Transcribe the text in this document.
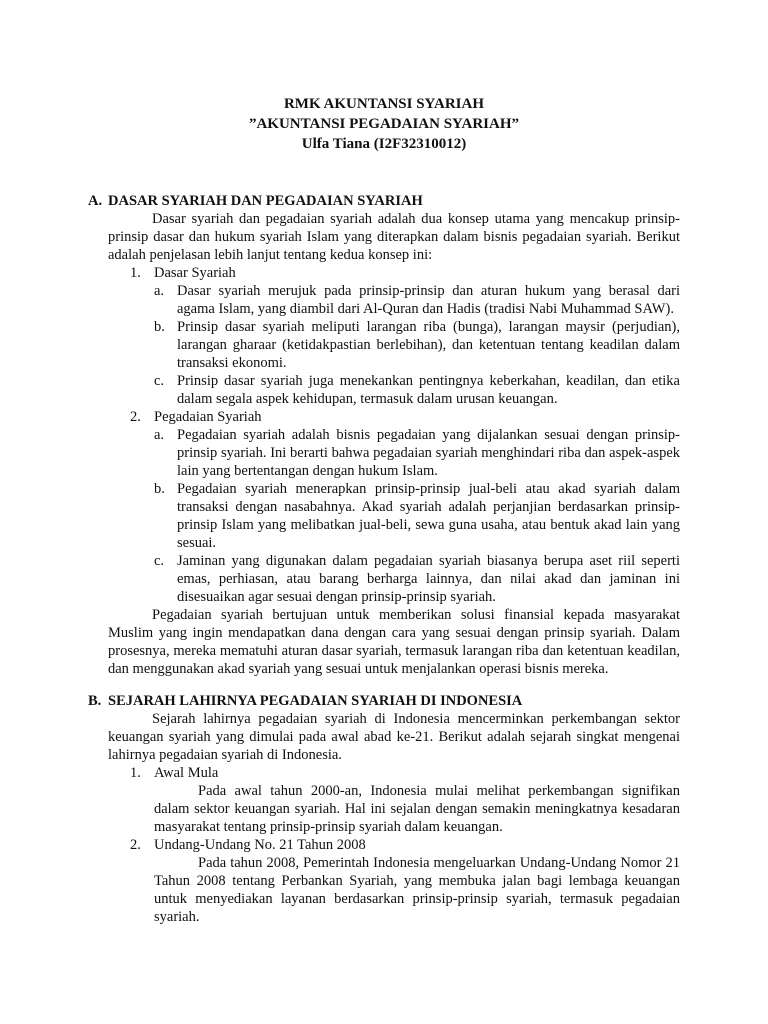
RMK AKUNTANSI SYARIAH
”AKUNTANSI PEGADAIAN SYARIAH”
Ulfa Tiana (I2F32310012)
A. DASAR SYARIAH DAN PEGADAIAN SYARIAH
Dasar syariah dan pegadaian syariah adalah dua konsep utama yang mencakup prinsip-prinsip dasar dan hukum syariah Islam yang diterapkan dalam bisnis pegadaian syariah. Berikut adalah penjelasan lebih lanjut tentang kedua konsep ini:
1. Dasar Syariah
a. Dasar syariah merujuk pada prinsip-prinsip dan aturan hukum yang berasal dari agama Islam, yang diambil dari Al-Quran dan Hadis (tradisi Nabi Muhammad SAW).
b. Prinsip dasar syariah meliputi larangan riba (bunga), larangan maysir (perjudian), larangan gharaar (ketidakpastian berlebihan), dan ketentuan tentang keadilan dalam transaksi ekonomi.
c. Prinsip dasar syariah juga menekankan pentingnya keberkahan, keadilan, dan etika dalam segala aspek kehidupan, termasuk dalam urusan keuangan.
2. Pegadaian Syariah
a. Pegadaian syariah adalah bisnis pegadaian yang dijalankan sesuai dengan prinsip-prinsip syariah. Ini berarti bahwa pegadaian syariah menghindari riba dan aspek-aspek lain yang bertentangan dengan hukum Islam.
b. Pegadaian syariah menerapkan prinsip-prinsip jual-beli atau akad syariah dalam transaksi dengan nasabahnya. Akad syariah adalah perjanjian berdasarkan prinsip-prinsip Islam yang melibatkan jual-beli, sewa guna usaha, atau bentuk akad lain yang sesuai.
c. Jaminan yang digunakan dalam pegadaian syariah biasanya berupa aset riil seperti emas, perhiasan, atau barang berharga lainnya, dan nilai akad dan jaminan ini disesuaikan agar sesuai dengan prinsip-prinsip syariah.
Pegadaian syariah bertujuan untuk memberikan solusi finansial kepada masyarakat Muslim yang ingin mendapatkan dana dengan cara yang sesuai dengan prinsip syariah. Dalam prosesnya, mereka mematuhi aturan dasar syariah, termasuk larangan riba dan ketentuan keadilan, dan menggunakan akad syariah yang sesuai untuk menjalankan operasi bisnis mereka.
B. SEJARAH LAHIRNYA PEGADAIAN SYARIAH DI INDONESIA
Sejarah lahirnya pegadaian syariah di Indonesia mencerminkan perkembangan sektor keuangan syariah yang dimulai pada awal abad ke-21. Berikut adalah sejarah singkat mengenai lahirnya pegadaian syariah di Indonesia.
1. Awal Mula
Pada awal tahun 2000-an, Indonesia mulai melihat perkembangan signifikan dalam sektor keuangan syariah. Hal ini sejalan dengan semakin meningkatnya kesadaran masyarakat tentang prinsip-prinsip syariah dalam keuangan.
2. Undang-Undang No. 21 Tahun 2008
Pada tahun 2008, Pemerintah Indonesia mengeluarkan Undang-Undang Nomor 21 Tahun 2008 tentang Perbankan Syariah, yang membuka jalan bagi lembaga keuangan untuk menyediakan layanan berdasarkan prinsip-prinsip syariah, termasuk pegadaian syariah.
